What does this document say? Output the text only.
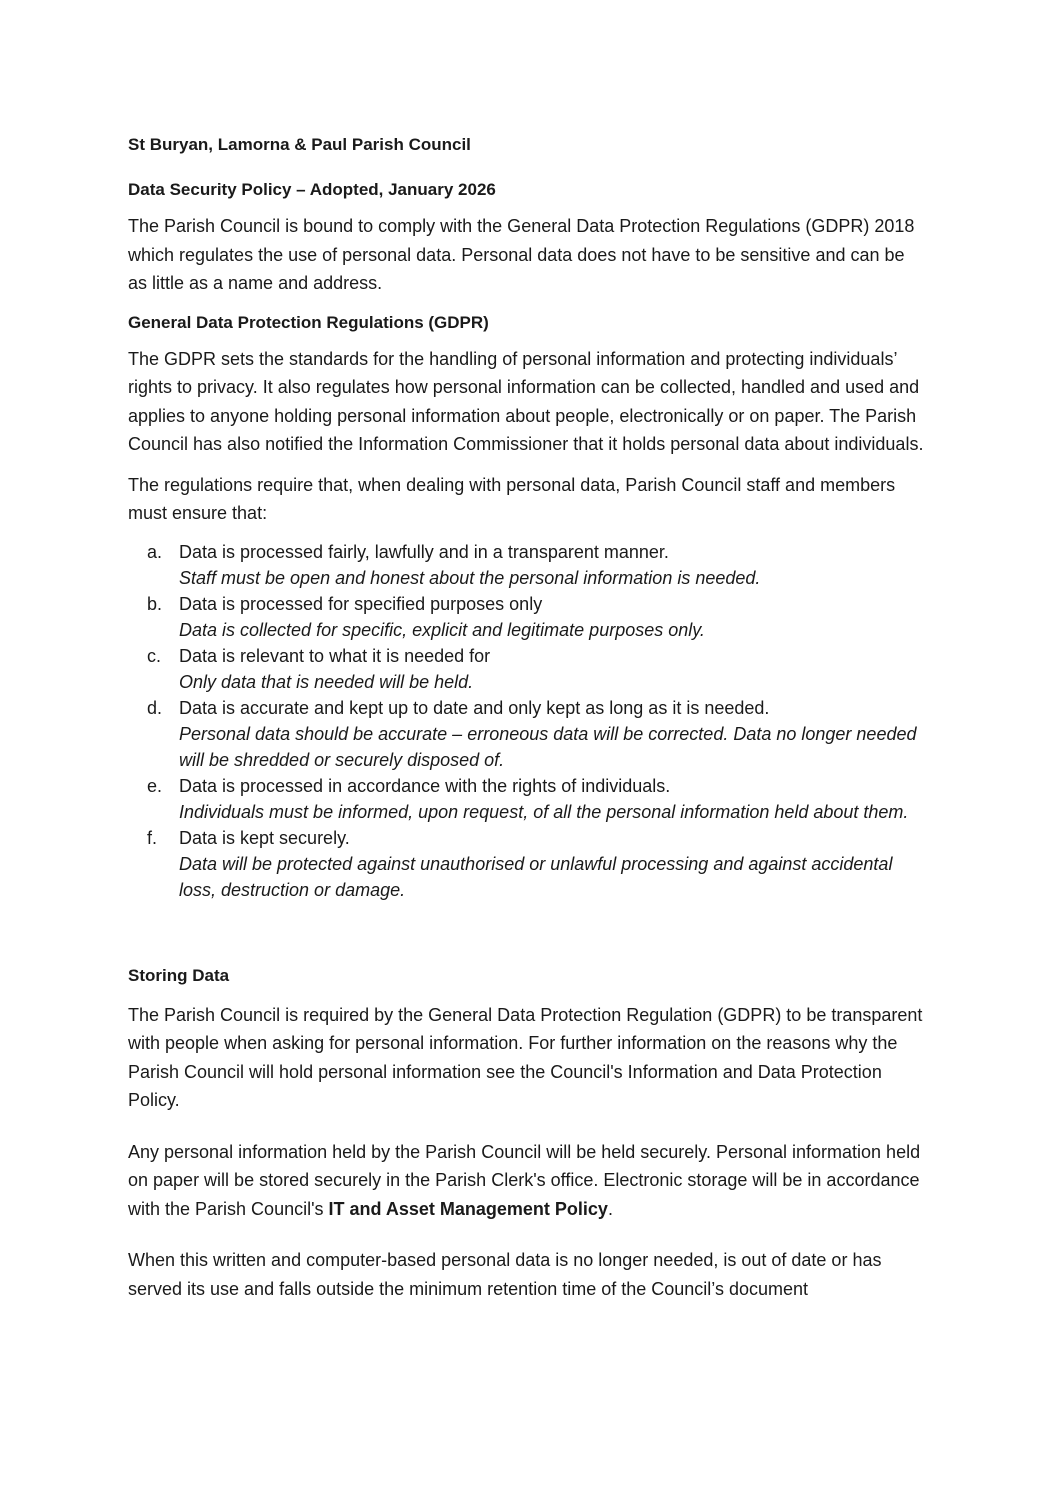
St Buryan, Lamorna & Paul Parish Council

Data Security Policy – Adopted, January 2026

The Parish Council is bound to comply with the General Data Protection Regulations (GDPR) 2018 which regulates the use of personal data. Personal data does not have to be sensitive and can be as little as a name and address.

General Data Protection Regulations (GDPR)

The GDPR sets the standards for the handling of personal information and protecting individuals’ rights to privacy. It also regulates how personal information can be collected, handled and used and applies to anyone holding personal information about people, electronically or on paper. The Parish Council has also notified the Information Commissioner that it holds personal data about individuals.

The regulations require that, when dealing with personal data, Parish Council staff and members must ensure that:

a. Data is processed fairly, lawfully and in a transparent manner.
Staff must be open and honest about the personal information is needed.
b. Data is processed for specified purposes only
Data is collected for specific, explicit and legitimate purposes only.
c. Data is relevant to what it is needed for
Only data that is needed will be held.
d. Data is accurate and kept up to date and only kept as long as it is needed.
Personal data should be accurate – erroneous data will be corrected. Data no longer needed will be shredded or securely disposed of.
e. Data is processed in accordance with the rights of individuals.
Individuals must be informed, upon request, of all the personal information held about them.
f. Data is kept securely.
Data will be protected against unauthorised or unlawful processing and against accidental loss, destruction or damage.

Storing Data

The Parish Council is required by the General Data Protection Regulation (GDPR) to be transparent with people when asking for personal information. For further information on the reasons why the Parish Council will hold personal information see the Council's Information and Data Protection Policy.

Any personal information held by the Parish Council will be held securely. Personal information held on paper will be stored securely in the Parish Clerk's office. Electronic storage will be in accordance with the Parish Council's IT and Asset Management Policy.

When this written and computer-based personal data is no longer needed, is out of date or has served its use and falls outside the minimum retention time of the Council’s document
